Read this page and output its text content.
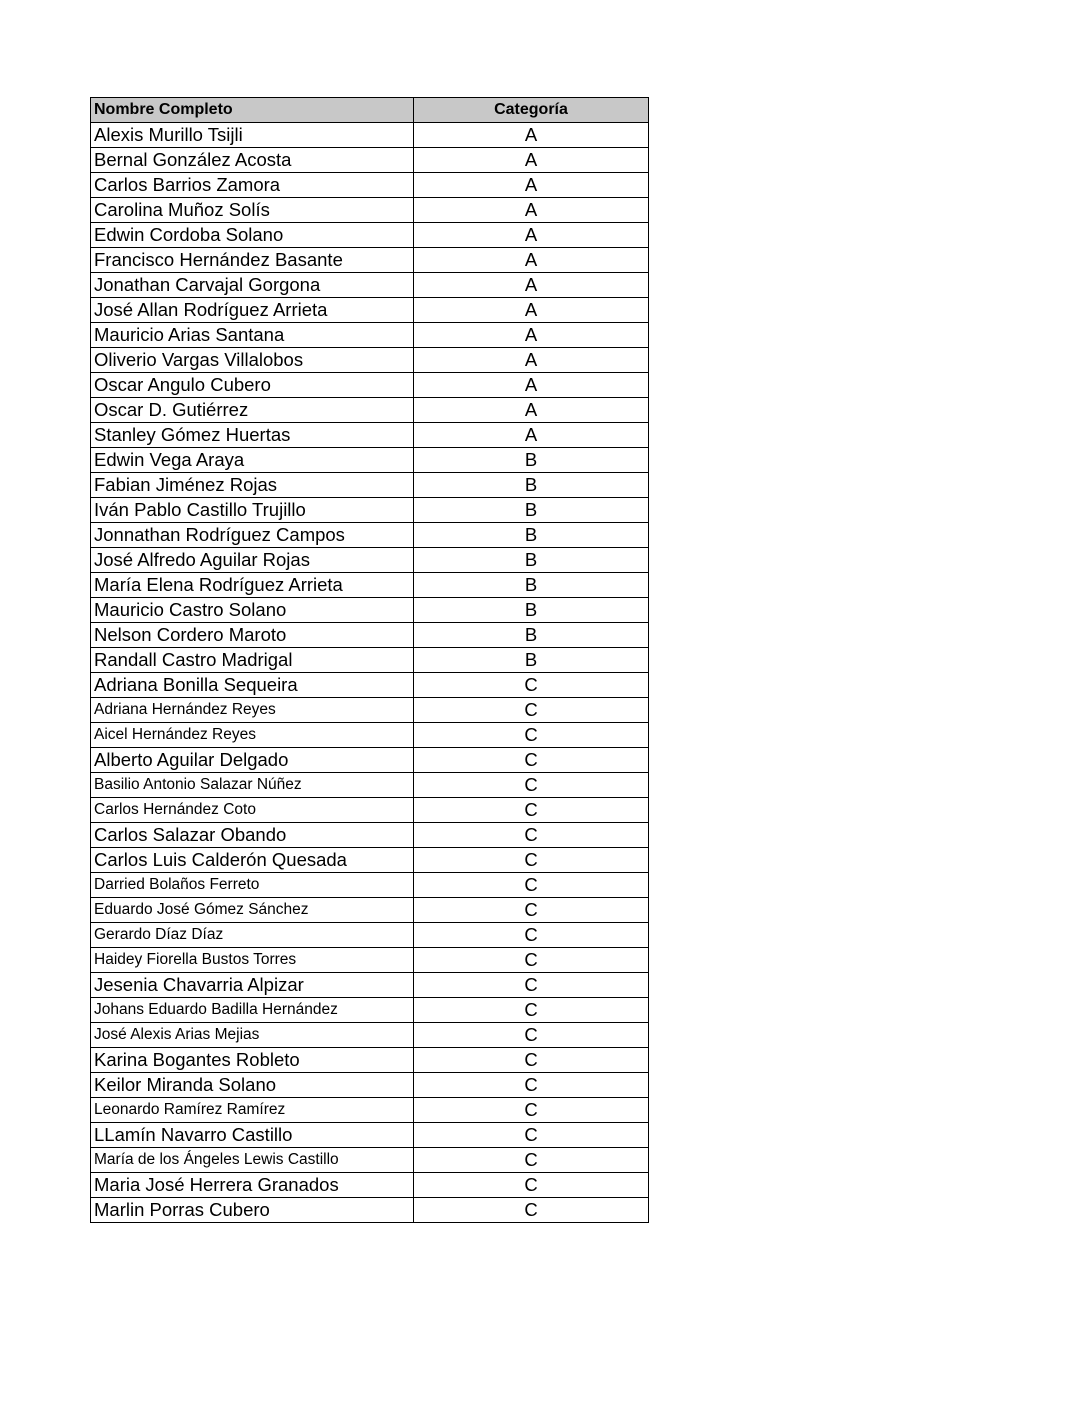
Nombre Completo	Categoría
Alexis Murillo Tsijli	A
Bernal González Acosta	A
Carlos Barrios Zamora	A
Carolina Muñoz Solís	A
Edwin Cordoba Solano	A
Francisco Hernández Basante	A
Jonathan Carvajal Gorgona	A
José Allan Rodríguez Arrieta	A
Mauricio Arias Santana	A
Oliverio Vargas Villalobos	A
Oscar Angulo Cubero	A
Oscar D. Gutiérrez	A
Stanley Gómez Huertas	A
Edwin Vega Araya	B
Fabian Jiménez Rojas	B
Iván Pablo Castillo Trujillo	B
Jonnathan Rodríguez Campos	B
José Alfredo Aguilar Rojas	B
María Elena Rodríguez Arrieta	B
Mauricio Castro Solano	B
Nelson Cordero Maroto	B
Randall Castro Madrigal	B
Adriana Bonilla Sequeira	C
Adriana Hernández Reyes	C
Aicel Hernández Reyes	C
Alberto Aguilar Delgado	C
Basilio Antonio Salazar Núñez	C
Carlos Hernández Coto	C
Carlos Salazar Obando	C
Carlos Luis Calderón Quesada	C
Darried Bolaños Ferreto	C
Eduardo José Gómez Sánchez	C
Gerardo Díaz Díaz	C
Haidey Fiorella Bustos Torres	C
Jesenia Chavarria Alpizar	C
Johans Eduardo Badilla Hernández	C
José Alexis Arias Mejias	C
Karina Bogantes Robleto	C
Keilor Miranda Solano	C
Leonardo Ramírez Ramírez	C
LLamín Navarro Castillo	C
María de los Ángeles Lewis Castillo	C
Maria José Herrera Granados	C
Marlin Porras Cubero	C
